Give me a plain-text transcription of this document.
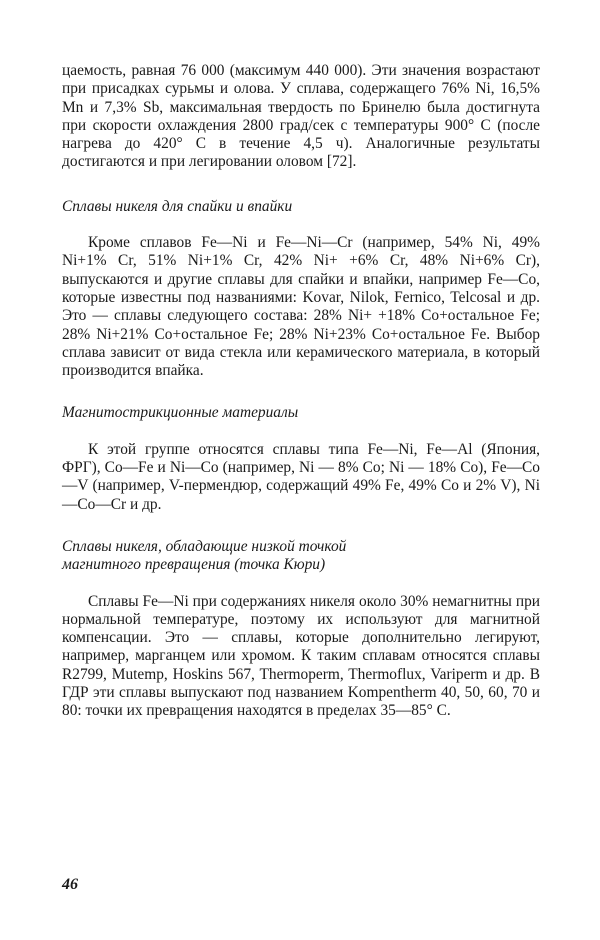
цаемость, равная 76 000 (максимум 440 000). Эти значения возрастают при присадках сурьмы и олова. У сплава, содержащего 76% Ni, 16,5% Mn и 7,3% Sb, максимальная твердость по Бринелю была достигнута при скорости охлаждения 2800 град/сек с температуры 900° С (после нагрева до 420° С в течение 4,5 ч). Аналогичные результаты достигаются и при легировании оловом [72].

Сплавы никеля для спайки и впайки

Кроме сплавов Fe—Ni и Fe—Ni—Cr (например, 54% Ni, 49% Ni+1% Cr, 51% Ni+1% Cr, 42% Ni+ +6% Cr, 48% Ni+6% Cr), выпускаются и другие сплавы для спайки и впайки, например Fe—Co, которые известны под названиями: Kovar, Nilok, Fernico, Telcosal и др. Это — сплавы следующего состава: 28% Ni+ +18% Co+остальное Fe; 28% Ni+21% Co+остальное Fe; 28% Ni+23% Co+остальное Fe. Выбор сплава зависит от вида стекла или керамического материала, в который производится впайка.

Магнитострикционные материалы

К этой группе относятся сплавы типа Fe—Ni, Fe—Al (Япония, ФРГ), Co—Fe и Ni—Co (например, Ni — 8% Co; Ni — 18% Co), Fe—Co—V (например, V-пермендюр, содержащий 49% Fe, 49% Co и 2% V), Ni—Co—Cr и др.

Сплавы никеля, обладающие низкой точкой
магнитного превращения (точка Кюри)

Сплавы Fe—Ni при содержаниях никеля около 30% немагнитны при нормальной температуре, поэтому их используют для магнитной компенсации. Это — сплавы, которые дополнительно легируют, например, марганцем или хромом. К таким сплавам относятся сплавы R2799, Mutemp, Hoskins 567, Thermoperm, Thermoflux, Variperm и др. В ГДР эти сплавы выпускают под названием Kompentherm 40, 50, 60, 70 и 80: точки их превращения находятся в пределах 35—85° С.

46
